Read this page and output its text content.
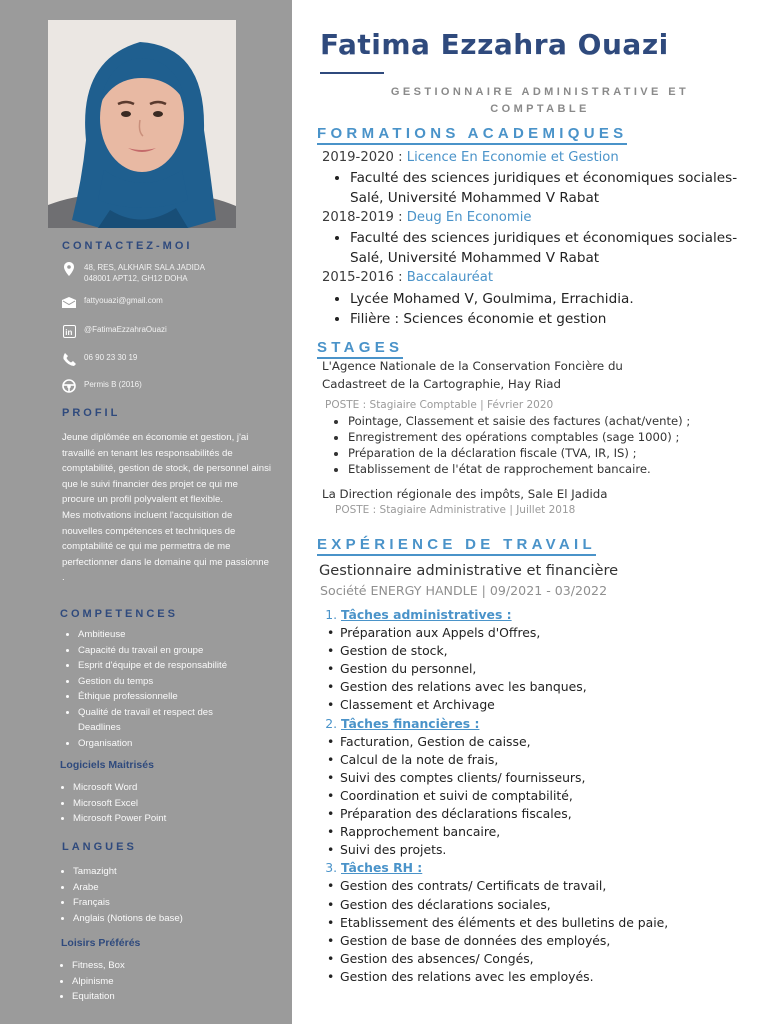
CONTACTEZ-MOI
48, RES, ALKHAIR SALA JADIDA
048001 APT12, GH12 DOHA
fattyouazi@gmail.com
in @FatimaEzzahraOuazi
06 90 23 30 19
Permis B (2016)
PROFIL
Jeune diplômée en économie et gestion, j'ai travaillé en tenant les responsabilités de comptabilité, gestion de stock, de personnel ainsi que le suivi financier des projet ce qui me procure un profil polyvalent et flexible.
Mes motivations incluent l'acquisition de nouvelles compétences et techniques de comptabilité ce qui me permettra de me perfectionner dans le domaine qui me passionne .
COMPETENCES
• Ambitieuse
• Capacité du travail en groupe
• Esprit d'équipe et de responsabilité
• Gestion du temps
• Éthique professionnelle
• Qualité de travail et respect des Deadlines
• Organisation
Logiciels Maitrisés
• Microsoft Word
• Microsoft Excel
• Microsoft Power Point
LANGUES
• Tamazight
• Arabe
• Français
• Anglais (Notions de base)
Loisirs Préférés
• Fitness, Box
• Alpinisme
• Equitation
Fatima Ezzahra Ouazi
GESTIONNAIRE ADMINISTRATIVE ET
COMPTABLE
FORMATIONS ACADEMIQUES
2019-2020 : Licence En Economie et Gestion
• Faculté des sciences juridiques et économiques sociales-Salé, Université Mohammed V Rabat
2018-2019 : Deug En Economie
• Faculté des sciences juridiques et économiques sociales-Salé, Université Mohammed V Rabat
2015-2016 : Baccalauréat
• Lycée Mohamed V, Goulmima, Errachidia.
• Filière : Sciences économie et gestion
STAGES
L'Agence Nationale de la Conservation Foncière du Cadastreet de la Cartographie, Hay Riad
POSTE : Stagiaire Comptable | Février 2020
• Pointage, Classement et saisie des factures (achat/vente) ;
• Enregistrement des opérations comptables (sage 1000) ;
• Préparation de la déclaration fiscale (TVA, IR, IS) ;
• Etablissement de l'état de rapprochement bancaire.
La Direction régionale des impôts, Sale El Jadida
POSTE : Stagiaire Administrative | Juillet 2018
EXPÉRIENCE DE TRAVAIL
Gestionnaire administrative et financière
Société ENERGY HANDLE | 09/2021 - 03/2022
1. Tâches administratives :
• Préparation aux Appels d'Offres,
• Gestion de stock,
• Gestion du personnel,
• Gestion des relations avec les banques,
• Classement et Archivage
2. Tâches financières :
• Facturation, Gestion de caisse,
• Calcul de la note de frais,
• Suivi des comptes clients/ fournisseurs,
• Coordination et suivi de comptabilité,
• Préparation des déclarations fiscales,
• Rapprochement bancaire,
• Suivi des projets.
3. Tâches RH :
• Gestion des contrats/ Certificats de travail,
• Gestion des déclarations sociales,
• Etablissement des éléments et des bulletins de paie,
• Gestion de base de données des employés,
• Gestion des absences/ Congés,
• Gestion des relations avec les employés.
